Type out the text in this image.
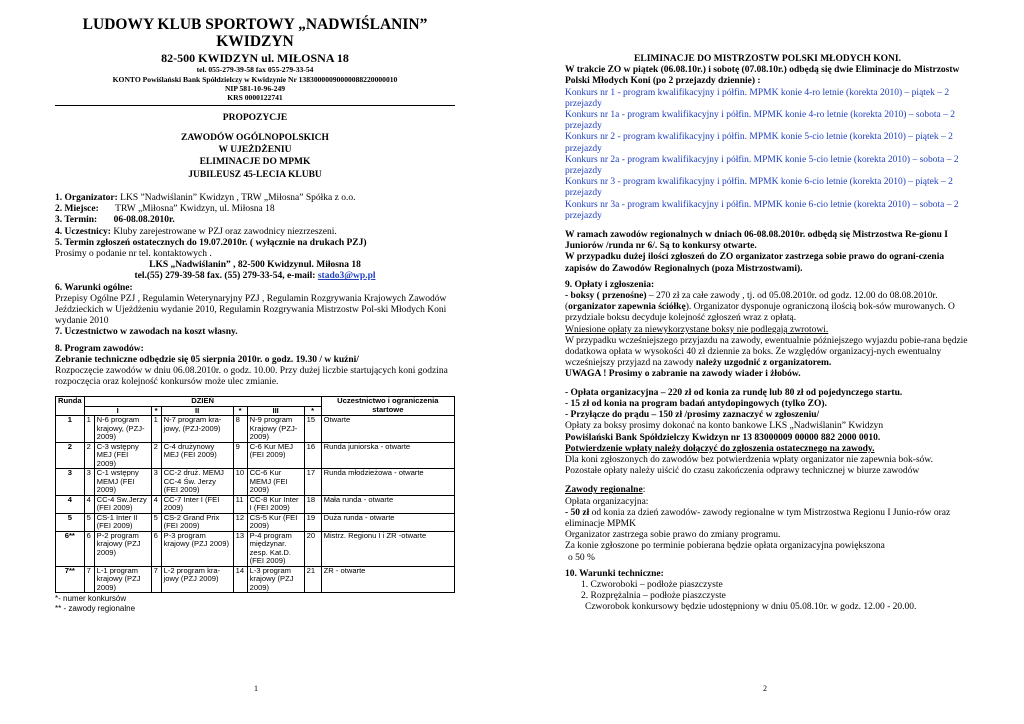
LUDOWY KLUB SPORTOWY „NADWIŚLANIN” KWIDZYN
82-500 KWIDZYN ul. MIŁOSNA 18
tel. 055-279-39-58 fax 055-279-33-54
KONTO Powiślański Bank Spółdzielczy w Kwidzynie Nr 13830000090000088220000010
NIP 581-10-96-249
KRS 0000122741
PROPOZYCJE
ZAWODÓW OGÓLNOPOLSKICH
W UJEŻDŻENIU
ELIMINACJE DO MPMK
JUBILEUSZ 45-LECIA KLUBU
1. Organizator: LKS ”Nadwiślanin” Kwidzyn , TRW „Miłosna” Spółka z o.o.
2. Miejsce: TRW „Miłosna” Kwidzyn, ul. Miłosna 18
3. Termin: 06-08.08.2010r.
4. Uczestnicy: Kluby zarejestrowane w PZJ oraz zawodnicy niezrzeszeni.
5. Termin zgłoszeń ostatecznych do 19.07.2010r. ( wyłącznie na drukach PZJ)
Prosimy o podanie nr tel. kontaktowych .
LKS „Nadwiślanin” , 82-500 Kwidzynul. Miłosna 18
tel.(55) 279-39-58 fax. (55) 279-33-54, e-mail: stado3@wp.pl
6. Warunki ogólne:
Przepisy Ogólne PZJ , Regulamin Weterynaryjny PZJ , Regulamin Rozgrywania Krajowych Zawodów Jeździeckich w Ujeżdżeniu wydanie 2010, Regulamin Rozgrywania Mistrzostw Pol-ski Młodych Koni wydanie 2010
7. Uczestnictwo w zawodach na koszt własny.
8. Program zawodów:
Zebranie techniczne odbędzie się 05 sierpnia 2010r. o godz. 19.30 / w kuźni/
Rozpoczęcie zawodów w dniu 06.08.2010r. o godz. 10.00. Przy dużej liczbie startujących koni godzina rozpoczęcia oraz kolejność konkursów może ulec zmianie.
Runda	DZIEŃ							Uczestnictwo i ograniczenia startowe
	I		*	II	*	III	*	
1	1	N-6 program krajowy, (PZJ-2009)	1	N-7 program kra-jowy, (PZJ-2009)	8	N-9 program Krajowy (PZJ-2009)	15	Otwarte
2	2	C-3 wstępny MEJ (FEI 2009)	2	C-4 drużynowy MEJ (FEI 2009)	9	C-6 Kur MEJ (FEI 2009)	16	Runda juniorska - otwarte
3	3	C-1 wstępny MEMJ (FEI 2009)	3	CC-2 druż. MEMJ CC-4 Św. Jerzy (FEI 2009)	10	CC-6 Kur MEMJ (FEI 2009)	17	Runda młodzieżowa - otwarte
4	4	CC-4 Św.Jerzy (FEI 2009)	4	CC-7 Inter I (FEI 2009)	11	CC-8 Kur Inter I (FEI 2009)	18	Mała runda - otwarte
5	5	CS-1 Inter II (FEI 2009)	5	CS-2 Grand Prix (FEI 2009)	12	CS-5 Kur (FEI 2009)	19	Duża runda - otwarte
6**	6	P-2 program krajowy (PZJ 2009)	6	P-3 program krajowy (PZJ 2009)	13	P-4 program międzynar. zesp. Kat.D. (FEI 2009)	20	Mistrz. Regionu I i ZR -otwarte
7**	7	L-1 program krajowy (PZJ 2009)	7	L-2 program kra-jowy (PZJ 2009)	14	L-3 program krajowy (PZJ 2009)	21	ZR - otwarte
*- numer konkursów
** - zawody regionalne
1
ELIMINACJE DO MISTRZOSTW POLSKI MŁODYCH KONI.
W trakcie ZO w piątek (06.08.10r.) i sobotę (07.08.10r.) odbędą się dwie Eliminacje do Mistrzostw Polski Młodych Koni (po 2 przejazdy dziennie) :
Konkurs nr 1 - program kwalifikacyjny i półfin. MPMK konie 4-ro letnie (korekta 2010) – piątek – 2 przejazdy
Konkurs nr 1a - program kwalifikacyjny i półfin. MPMK konie 4-ro letnie (korekta 2010) – sobota – 2 przejazdy
Konkurs nr 2 - program kwalifikacyjny i półfin. MPMK konie 5-cio letnie (korekta 2010) – piątek – 2 przejazdy
Konkurs nr 2a - program kwalifikacyjny i półfin. MPMK konie 5-cio letnie (korekta 2010) – sobota – 2 przejazdy
Konkurs nr 3 - program kwalifikacyjny i półfin. MPMK konie 6-cio letnie (korekta 2010) – piątek – 2 przejazdy
Konkurs nr 3a - program kwalifikacyjny i półfin. MPMK konie 6-cio letnie (korekta 2010) – sobota – 2 przejazdy
W ramach zawodów regionalnych w dniach 06-08.08.2010r. odbędą się Mistrzostwa Re-gionu I Juniorów /runda nr 6/. Są to konkursy otwarte.
W przypadku dużej ilości zgłoszeń do ZO organizator zastrzega sobie prawo do ograni-czenia zapisów do Zawodów Regionalnych (poza Mistrzostwami).
9. Opłaty i zgłoszenia:
- boksy ( przenośne) – 270 zł za całe zawody , tj. od 05.08.2010r. od godz. 12.00 do 08.08.2010r. (organizator zapewnia ściółkę). Organizator dysponuje ograniczoną ilością bok-sów murowanych. O przydziale boksu decyduje kolejność zgłoszeń wraz z opłatą.
Wniesione opłaty za niewykorzystane boksy nie podlegają zwrotowi.
W przypadku wcześniejszego przyjazdu na zawody, ewentualnie późniejszego wyjazdu pobie-rana będzie dodatkowa opłata w wysokości 40 zł dziennie za boks. Ze względów organizacyj-nych ewentualny wcześniejszy przyjazd na zawody należy uzgodnić z organizatorem.
UWAGA ! Prosimy o zabranie na zawody wiader i żłobów.
- Opłata organizacyjna – 220 zł od konia za rundę lub 80 zł od pojedynczego startu.
- 15 zł od konia na program badań antydopingowych (tylko ZO).
- Przyłącze do prądu – 150 zł /prosimy zaznaczyć w zgłoszeniu/
Opłaty za boksy prosimy dokonać na konto bankowe LKS „Nadwiślanin” Kwidzyn
Powiślański Bank Spółdzielczy Kwidzyn nr 13 83000009 00000 882 2000 0010.
Potwierdzenie wpłaty należy dołączyć do zgłoszenia ostatecznego na zawody.
Dla koni zgłoszonych do zawodów bez potwierdzenia wpłaty organizator nie zapewnia bok-sów.
Pozostałe opłaty należy uiścić do czasu zakończenia odprawy technicznej w biurze zawodów
Zawody regionalne:
Opłata organizacyjna:
- 50 zł od konia za dzień zawodów- zawody regionalne w tym Mistrzostwa Regionu I Junio-rów oraz eliminacje MPMK
Organizator zastrzega sobie prawo do zmiany programu.
Za konie zgłoszone po terminie pobierana będzie opłata organizacyjna powiększona
o 50 %
10. Warunki techniczne:
1. Czworoboki – podłoże piaszczyste
2. Rozprężalnia – podłoże piaszczyste
Czworobok konkursowy będzie udostępniony w dniu 05.08.10r. w godz. 12.00 - 20.00.
2
